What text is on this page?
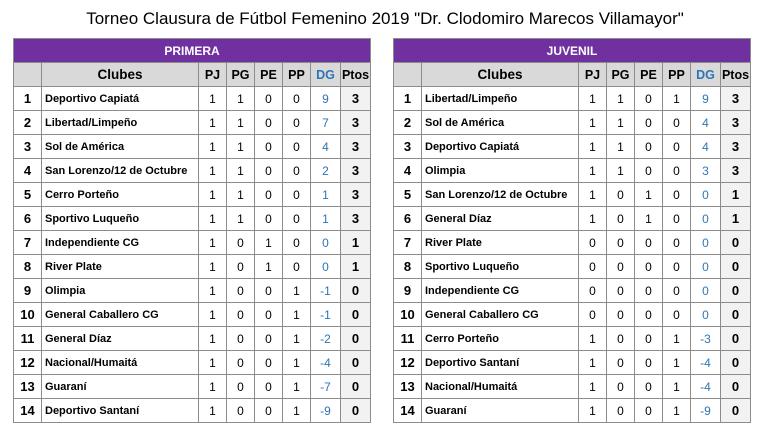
Torneo Clausura de Fútbol Femenino 2019 "Dr. Clodomiro Marecos Villamayor"
PRIMERA							
	Clubes	PJ	PG	PE	PP	DG	Ptos
1	Deportivo Capiatá	1	1	0	0	9	3
2	Libertad/Limpeño	1	1	0	0	7	3
3	Sol de América	1	1	0	0	4	3
4	San Lorenzo/12 de Octubre	1	1	0	0	2	3
5	Cerro Porteño	1	1	0	0	1	3
6	Sportivo Luqueño	1	1	0	0	1	3
7	Independiente CG	1	0	1	0	0	1
8	River Plate	1	0	1	0	0	1
9	Olimpia	1	0	0	1	-1	0
10	General Caballero CG	1	0	0	1	-1	0
11	General Díaz	1	0	0	1	-2	0
12	Nacional/Humaitá	1	0	0	1	-4	0
13	Guaraní	1	0	0	1	-7	0
14	Deportivo Santaní	1	0	0	1	-9	0
JUVENIL							
	Clubes	PJ	PG	PE	PP	DG	Ptos
1	Libertad/Limpeño	1	1	0	1	9	3
2	Sol de América	1	1	0	0	4	3
3	Deportivo Capiatá	1	1	0	0	4	3
4	Olimpia	1	1	0	0	3	3
5	San Lorenzo/12 de Octubre	1	0	1	0	0	1
6	General Díaz	1	0	1	0	0	1
7	River Plate	0	0	0	0	0	0
8	Sportivo Luqueño	0	0	0	0	0	0
9	Independiente CG	0	0	0	0	0	0
10	General Caballero CG	0	0	0	0	0	0
11	Cerro Porteño	1	0	0	1	-3	0
12	Deportivo Santaní	1	0	0	1	-4	0
13	Nacional/Humaitá	1	0	0	1	-4	0
14	Guaraní	1	0	0	1	-9	0
